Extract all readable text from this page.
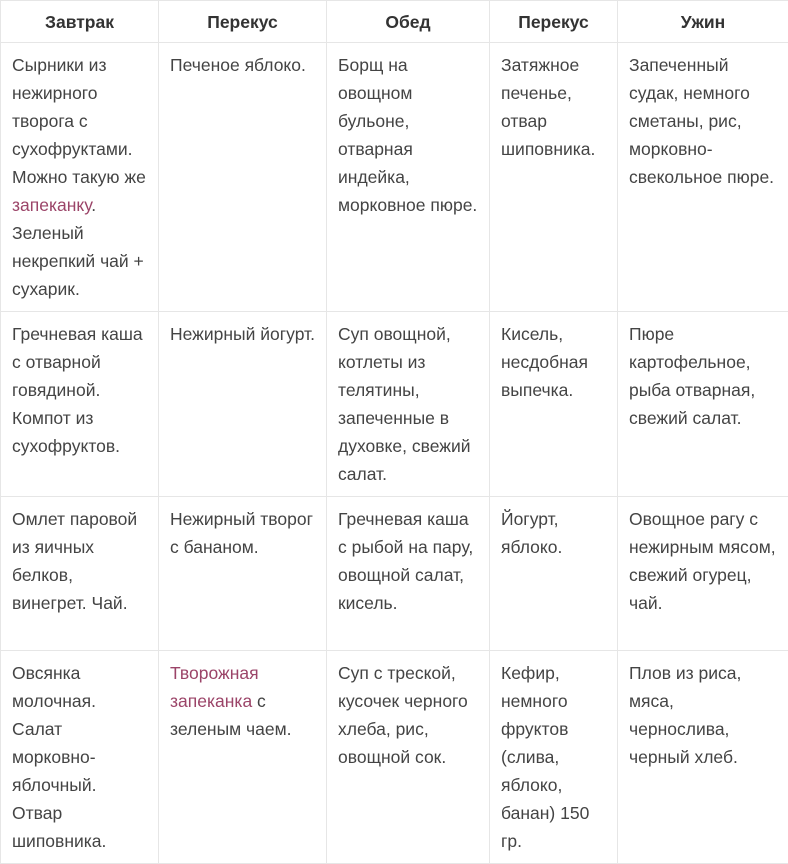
Завтрак	Перекус	Обед	Перекус	Ужин
Сырники из нежирного творога с сухофруктами. Можно такую же запеканку. Зеленый некрепкий чай + сухарик.	Печеное яблоко.	Борщ на овощном бульоне, отварная индейка, морковное пюре.	Затяжное печенье, отвар шиповника.	Запеченный судак, немного сметаны, рис, морковно-свекольное пюре.
Гречневая каша с отварной говядиной. Компот из сухофруктов.	Нежирный йогурт.	Суп овощной, котлеты из телятины, запеченные в духовке, свежий салат.	Кисель, несдобная выпечка.	Пюре картофельное, рыба отварная, свежий салат.
Омлет паровой из яичных белков, винегрет. Чай.	Нежирный творог с бананом.	Гречневая каша с рыбой на пару, овощной салат, кисель.	Йогурт, яблоко.	Овощное рагу с нежирным мясом, свежий огурец, чай.
Овсянка молочная. Салат морковно-яблочный. Отвар шиповника.	Творожная запеканка с зеленым чаем.	Суп с треской, кусочек черного хлеба, рис, овощной сок.	Кефир, немного фруктов (слива, яблоко, банан) 150 гр.	Плов из риса, мяса, чернослива, черный хлеб.
